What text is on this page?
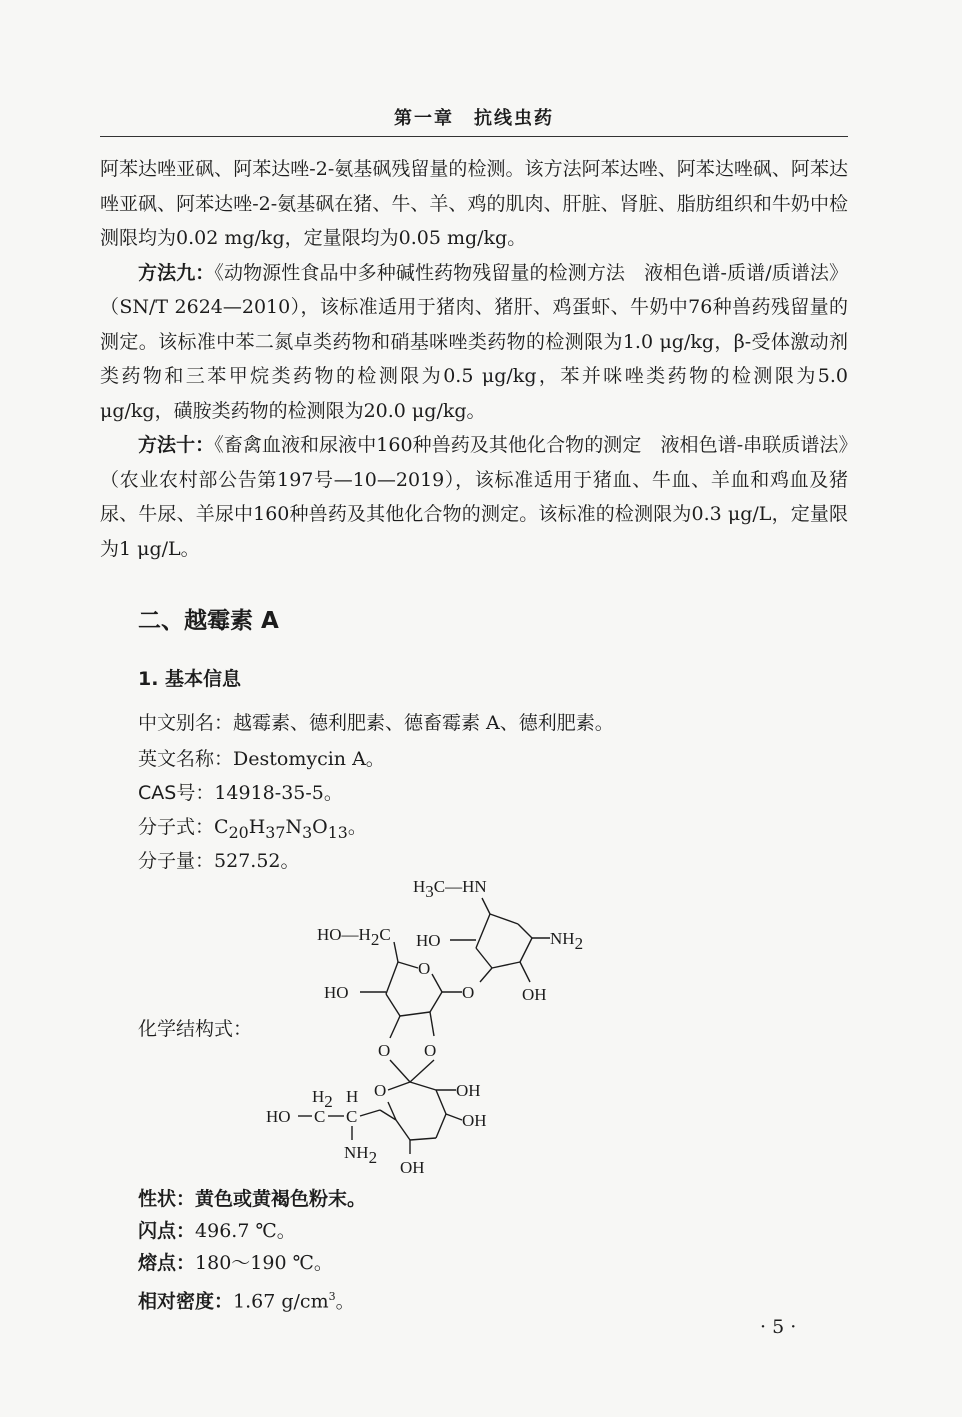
第一章　抗线虫药

阿苯达唑亚砜、阿苯达唑-2-氨基砜残留量的检测。该方法阿苯达唑、阿苯达唑砜、阿苯达唑亚砜、阿苯达唑-2-氨基砜在猪、牛、羊、鸡的肌肉、肝脏、肾脏、脂肪组织和牛奶中检测限均为0.02 mg/kg，定量限均为0.05 mg/kg。

方法九：《动物源性食品中多种碱性药物残留量的检测方法　液相色谱-质谱/质谱法》（SN/T 2624—2010），该标准适用于猪肉、猪肝、鸡蛋虾、牛奶中76种兽药残留量的测定。该标准中苯二氮卓类药物和硝基咪唑类药物的检测限为1.0 μg/kg，β-受体激动剂类药物和三苯甲烷类药物的检测限为0.5 μg/kg，苯并咪唑类药物的检测限为5.0 μg/kg，磺胺类药物的检测限为20.0 μg/kg。

方法十：《畜禽血液和尿液中160种兽药及其他化合物的测定　液相色谱-串联质谱法》（农业农村部公告第197号—10—2019），该标准适用于猪血、牛血、羊血和鸡血及猪尿、牛尿、羊尿中160种兽药及其他化合物的测定。该标准的检测限为0.3 μg/L，定量限为1 μg/L。

二、越霉素 A
1. 基本信息
中文别名：越霉素、德利肥素、德畜霉素 A、德利肥素。
英文名称：Destomycin A。
CAS号：14918-35-5。
分子式：$C_{20}H_{37}N_3O_{13}$。
分子量：527.52。
化学结构式：
H3C—HN
NH2
HO
OH
O
HO—H2C
O
HO
O O
O	OH
OH
OH
H2 H
HO C C
NH2
性状：黄色或黄褐色粉末。
闪点：496.7 ℃。
熔点：180～190 ℃。
相对密度：1.67 $g/cm^3$。
· 5 ·
